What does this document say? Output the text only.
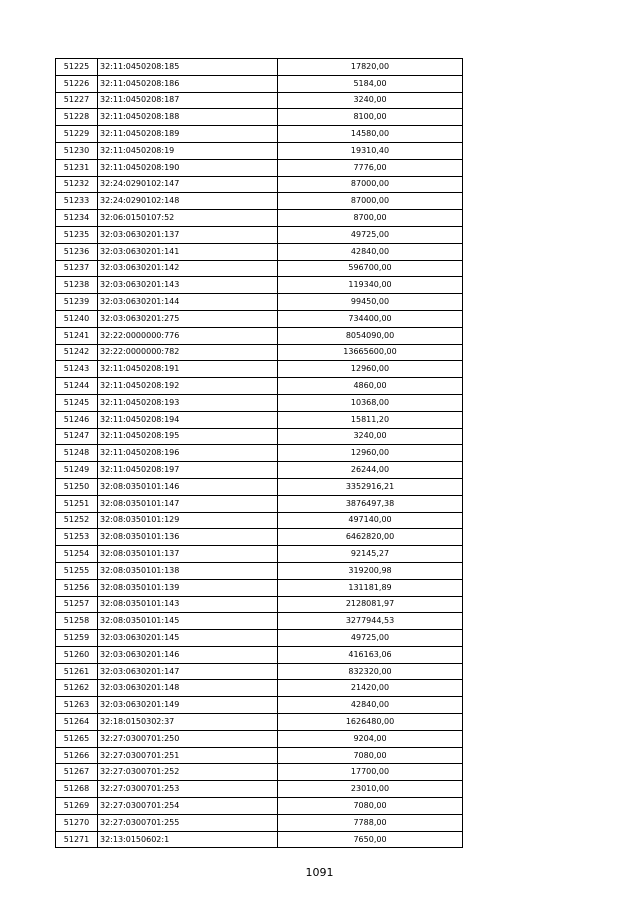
51225	32:11:0450208:185	17820,00
51226	32:11:0450208:186	5184,00
51227	32:11:0450208:187	3240,00
51228	32:11:0450208:188	8100,00
51229	32:11:0450208:189	14580,00
51230	32:11:0450208:19	19310,40
51231	32:11:0450208:190	7776,00
51232	32:24:0290102:147	87000,00
51233	32:24:0290102:148	87000,00
51234	32:06:0150107:52	8700,00
51235	32:03:0630201:137	49725,00
51236	32:03:0630201:141	42840,00
51237	32:03:0630201:142	596700,00
51238	32:03:0630201:143	119340,00
51239	32:03:0630201:144	99450,00
51240	32:03:0630201:275	734400,00
51241	32:22:0000000:776	8054090,00
51242	32:22:0000000:782	13665600,00
51243	32:11:0450208:191	12960,00
51244	32:11:0450208:192	4860,00
51245	32:11:0450208:193	10368,00
51246	32:11:0450208:194	15811,20
51247	32:11:0450208:195	3240,00
51248	32:11:0450208:196	12960,00
51249	32:11:0450208:197	26244,00
51250	32:08:0350101:146	3352916,21
51251	32:08:0350101:147	3876497,38
51252	32:08:0350101:129	497140,00
51253	32:08:0350101:136	6462820,00
51254	32:08:0350101:137	92145,27
51255	32:08:0350101:138	319200,98
51256	32:08:0350101:139	131181,89
51257	32:08:0350101:143	2128081,97
51258	32:08:0350101:145	3277944,53
51259	32:03:0630201:145	49725,00
51260	32:03:0630201:146	416163,06
51261	32:03:0630201:147	832320,00
51262	32:03:0630201:148	21420,00
51263	32:03:0630201:149	42840,00
51264	32:18:0150302:37	1626480,00
51265	32:27:0300701:250	9204,00
51266	32:27:0300701:251	7080,00
51267	32:27:0300701:252	17700,00
51268	32:27:0300701:253	23010,00
51269	32:27:0300701:254	7080,00
51270	32:27:0300701:255	7788,00
51271	32:13:0150602:1	7650,00
1091
